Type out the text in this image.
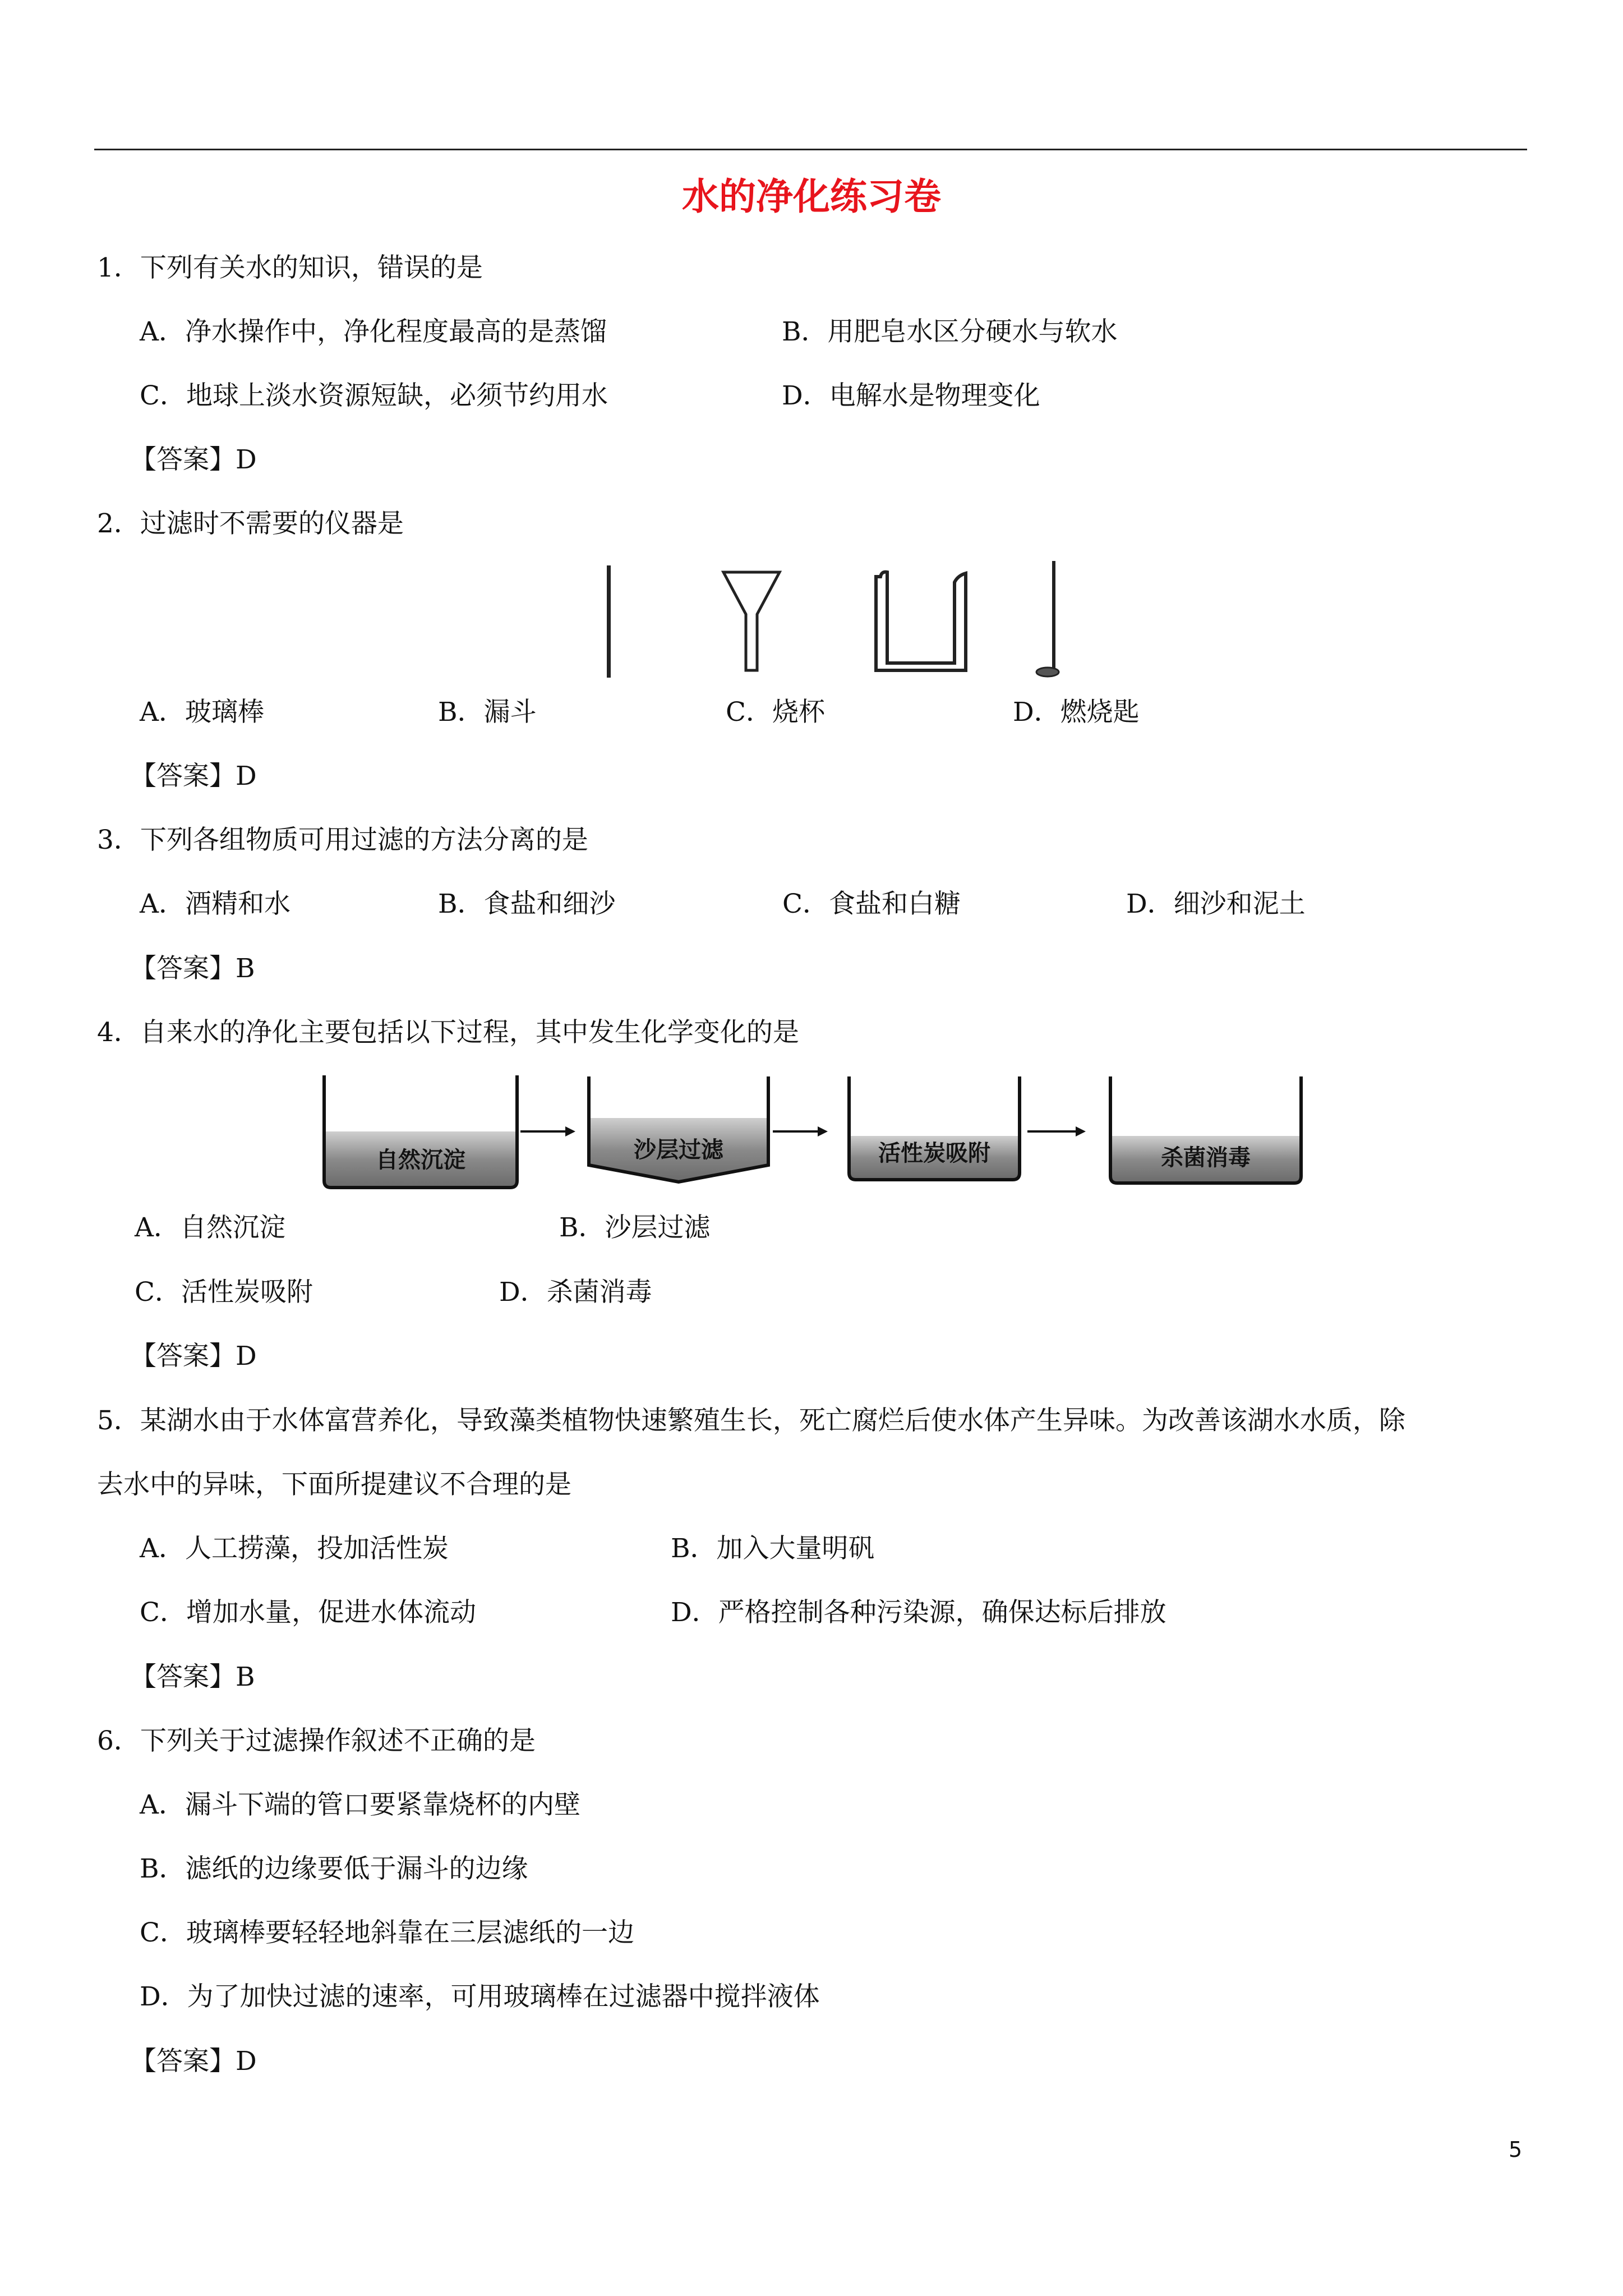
水的净化练习卷
1．下列有关水的知识，错误的是
A．净水操作中，净化程度最高的是蒸馏	B．用肥皂水区分硬水与软水
C．地球上淡水资源短缺，必须节约用水	D．电解水是物理变化
【答案】D
2．过滤时不需要的仪器是
A．玻璃棒	B．漏斗	C．烧杯	D．燃烧匙
【答案】D
3．下列各组物质可用过滤的方法分离的是
A．酒精和水	B．食盐和细沙	C．食盐和白糖	D．细沙和泥土
【答案】B
4．自来水的净化主要包括以下过程，其中发生化学变化的是
自然沉淀	沙层过滤	活性炭吸附	杀菌消毒
A．自然沉淀	B．沙层过滤
C．活性炭吸附	D．杀菌消毒
【答案】D
5．某湖水由于水体富营养化，导致藻类植物快速繁殖生长，死亡腐烂后使水体产生异味。为改善该湖水水质，除
去水中的异味，下面所提建议不合理的是
A．人工捞藻，投加活性炭	B．加入大量明矾
C．增加水量，促进水体流动	D．严格控制各种污染源，确保达标后排放
【答案】B
6．下列关于过滤操作叙述不正确的是
A．漏斗下端的管口要紧靠烧杯的内壁
B．滤纸的边缘要低于漏斗的边缘
C．玻璃棒要轻轻地斜靠在三层滤纸的一边
D．为了加快过滤的速率，可用玻璃棒在过滤器中搅拌液体
【答案】D
5
